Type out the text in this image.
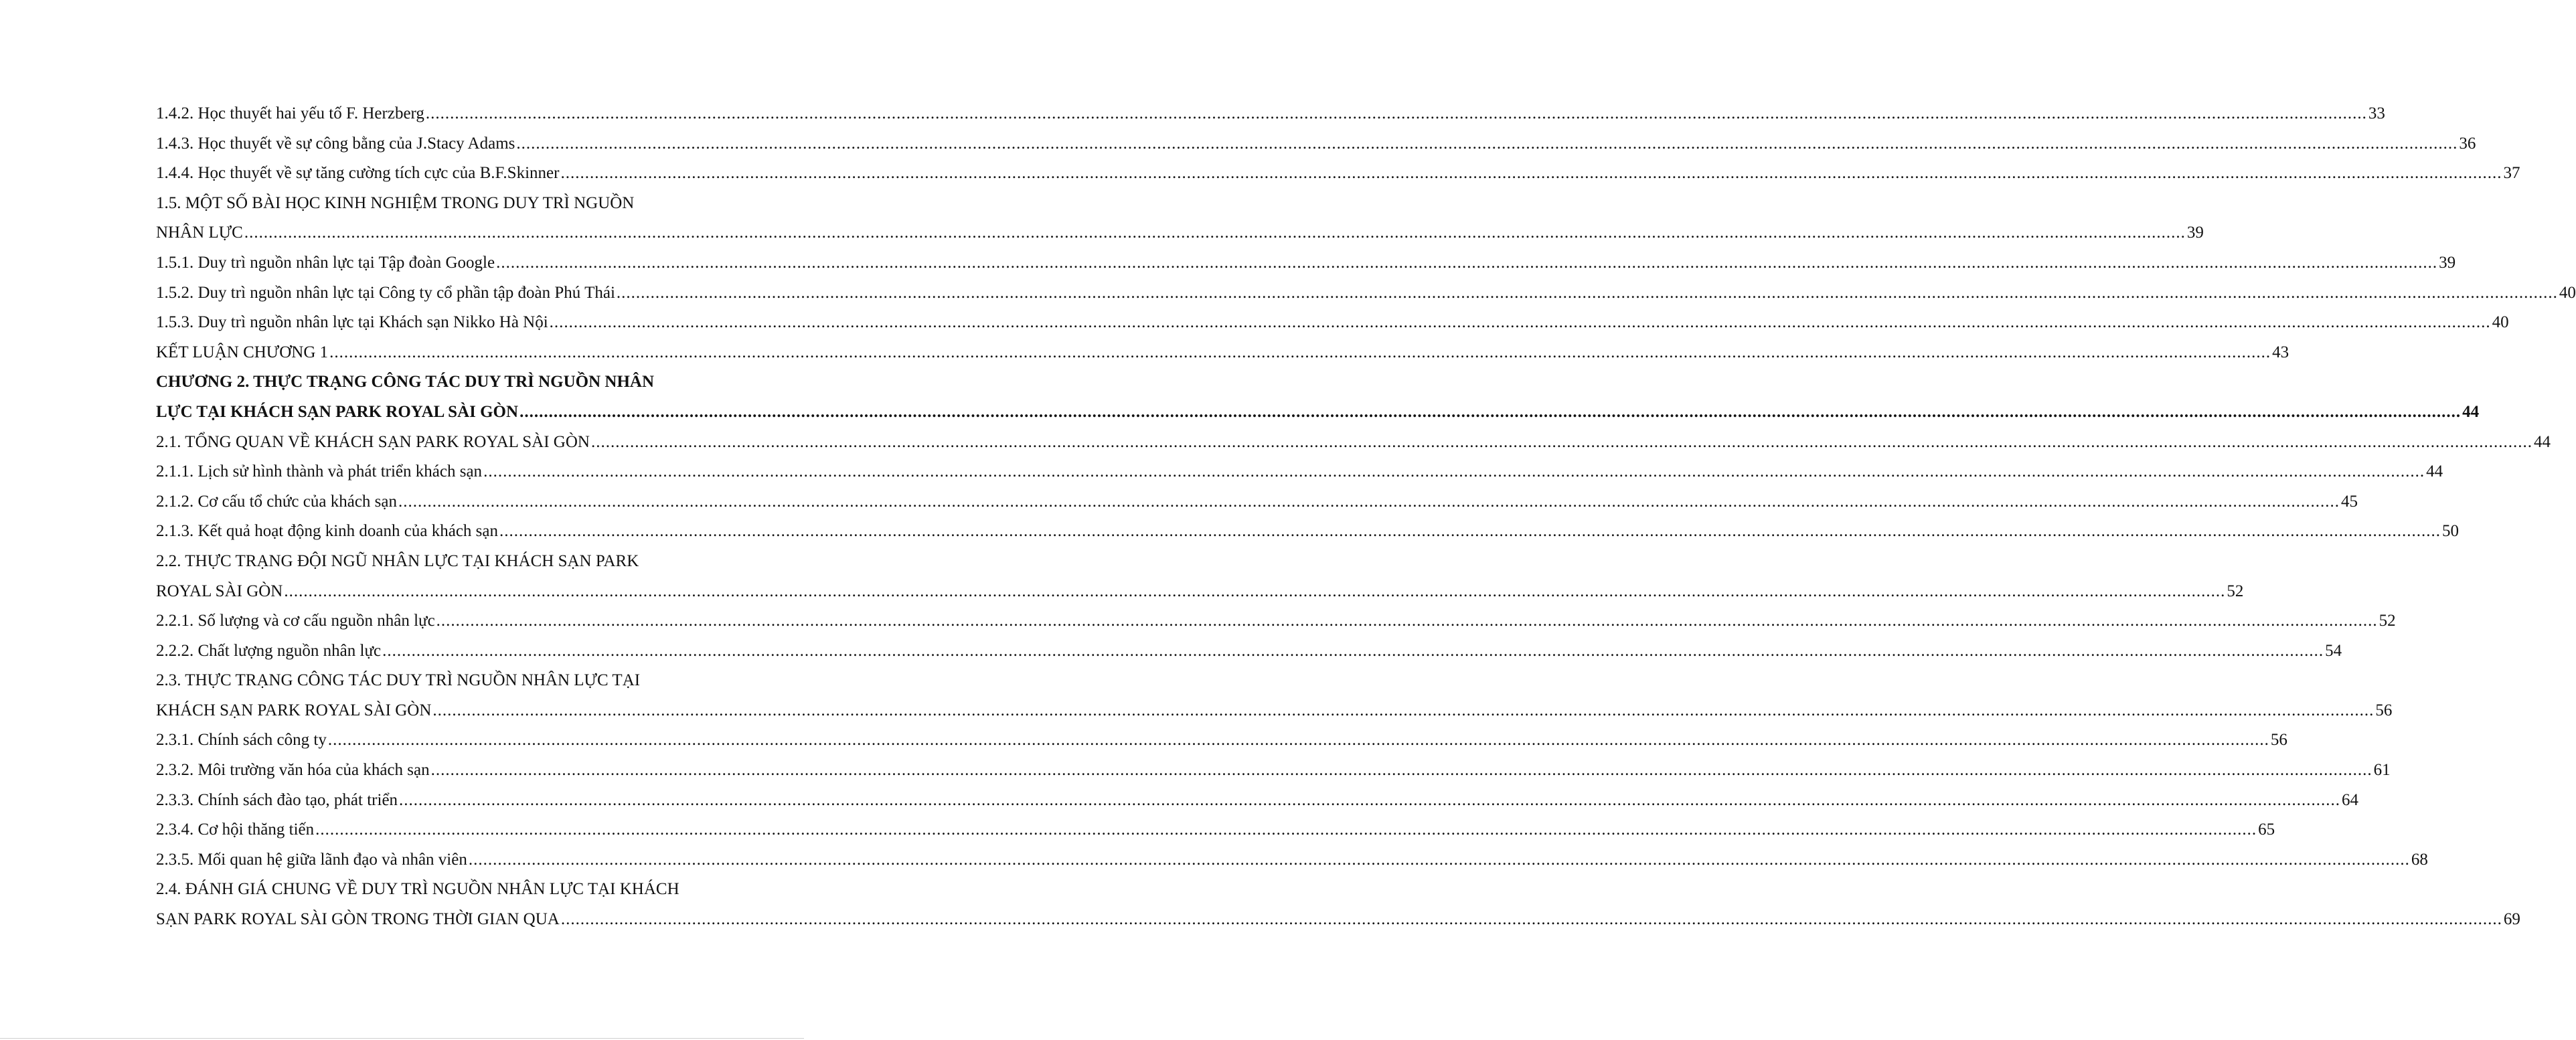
1.4.2. Học thuyết hai yếu tố F. Herzberg ................................................................................................................................................................................................................................................................................................................................................................................................................ 33
1.4.3. Học thuyết về sự công bằng của J.Stacy Adams ................................................................................................................................................................................................................................................................................................................................................................................................................ 36
1.4.4. Học thuyết về sự tăng cường tích cực của B.F.Skinner ................................................................................................................................................................................................................................................................................................................................................................................................................ 37
1.5. MỘT SỐ BÀI HỌC KINH NGHIỆM TRONG DUY TRÌ NGUỒN
NHÂN LỰC ................................................................................................................................................................................................................................................................................................................................................................................................................ 39
1.5.1. Duy trì nguồn nhân lực tại Tập đoàn Google ................................................................................................................................................................................................................................................................................................................................................................................................................ 39
1.5.2. Duy trì nguồn nhân lực tại Công ty cổ phần tập đoàn Phú Thái ................................................................................................................................................................................................................................................................................................................................................................................................................ 40
1.5.3. Duy trì nguồn nhân lực tại Khách sạn Nikko Hà Nội ................................................................................................................................................................................................................................................................................................................................................................................................................ 40
KẾT LUẬN CHƯƠNG 1 ................................................................................................................................................................................................................................................................................................................................................................................................................ 43
CHƯƠNG 2. THỰC TRẠNG CÔNG TÁC DUY TRÌ NGUỒN NHÂN
LỰC TẠI KHÁCH SẠN PARK ROYAL SÀI GÒN ................................................................................................................................................................................................................................................................................................................................................................................................................ 44
2.1. TỔNG QUAN VỀ KHÁCH SẠN PARK ROYAL SÀI GÒN ................................................................................................................................................................................................................................................................................................................................................................................................................ 44
2.1.1. Lịch sử hình thành và phát triển khách sạn ................................................................................................................................................................................................................................................................................................................................................................................................................ 44
2.1.2. Cơ cấu tổ chức của khách sạn ................................................................................................................................................................................................................................................................................................................................................................................................................ 45
2.1.3. Kết quả hoạt động kinh doanh của khách sạn ................................................................................................................................................................................................................................................................................................................................................................................................................ 50
2.2. THỰC TRẠNG ĐỘI NGŨ NHÂN LỰC TẠI KHÁCH SẠN PARK
ROYAL SÀI GÒN ................................................................................................................................................................................................................................................................................................................................................................................................................ 52
2.2.1. Số lượng và cơ cấu nguồn nhân lực ................................................................................................................................................................................................................................................................................................................................................................................................................ 52
2.2.2. Chất lượng nguồn nhân lực ................................................................................................................................................................................................................................................................................................................................................................................................................ 54
2.3. THỰC TRẠNG CÔNG TÁC DUY TRÌ NGUỒN NHÂN LỰC TẠI
KHÁCH SẠN PARK ROYAL SÀI GÒN ................................................................................................................................................................................................................................................................................................................................................................................................................ 56
2.3.1. Chính sách công ty ................................................................................................................................................................................................................................................................................................................................................................................................................ 56
2.3.2. Môi trường văn hóa của khách sạn ................................................................................................................................................................................................................................................................................................................................................................................................................ 61
2.3.3. Chính sách đào tạo, phát triển ................................................................................................................................................................................................................................................................................................................................................................................................................ 64
2.3.4. Cơ hội thăng tiến ................................................................................................................................................................................................................................................................................................................................................................................................................ 65
2.3.5. Mối quan hệ giữa lãnh đạo và nhân viên ................................................................................................................................................................................................................................................................................................................................................................................................................ 68
2.4. ĐÁNH GIÁ CHUNG VỀ DUY TRÌ NGUỒN NHÂN LỰC TẠI KHÁCH
SẠN PARK ROYAL SÀI GÒN TRONG THỜI GIAN QUA ................................................................................................................................................................................................................................................................................................................................................................................................................ 69
